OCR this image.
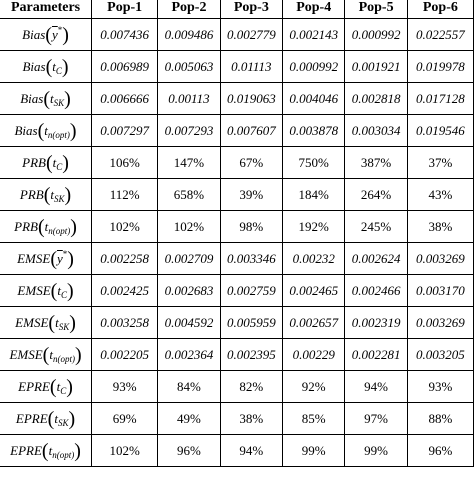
Parameters	Pop-1	Pop-2	Pop-3	Pop-4	Pop-5	Pop-6
$Bias(\overline{y}^*)$	0.007436	0.009486	0.002779	0.002143	0.000992	0.022557
$Bias(t_C)$	0.006989	0.005063	0.01113	0.000992	0.001921	0.019978
$Bias(t_{SK})$	0.006666	0.00113	0.019063	0.004046	0.002818	0.017128
$Bias(t_{n(opt)})$	0.007297	0.007293	0.007607	0.003878	0.003034	0.019546
$PRB(t_C)$	106%	147%	67%	750%	387%	37%
$PRB(t_{SK})$	112%	658%	39%	184%	264%	43%
$PRB(t_{n(opt)})$	102%	102%	98%	192%	245%	38%
$EMSE(\overline{y}^*)$	0.002258	0.002709	0.003346	0.00232	0.002624	0.003269
$EMSE(t_C)$	0.002425	0.002683	0.002759	0.002465	0.002466	0.003170
$EMSE(t_{SK})$	0.003258	0.004592	0.005959	0.002657	0.002319	0.003269
$EMSE(t_{n(opt)})$	0.002205	0.002364	0.002395	0.00229	0.002281	0.003205
$EPRE(t_C)$	93%	84%	82%	92%	94%	93%
$EPRE(t_{SK})$	69%	49%	38%	85%	97%	88%
$EPRE(t_{n(opt)})$	102%	96%	94%	99%	99%	96%
